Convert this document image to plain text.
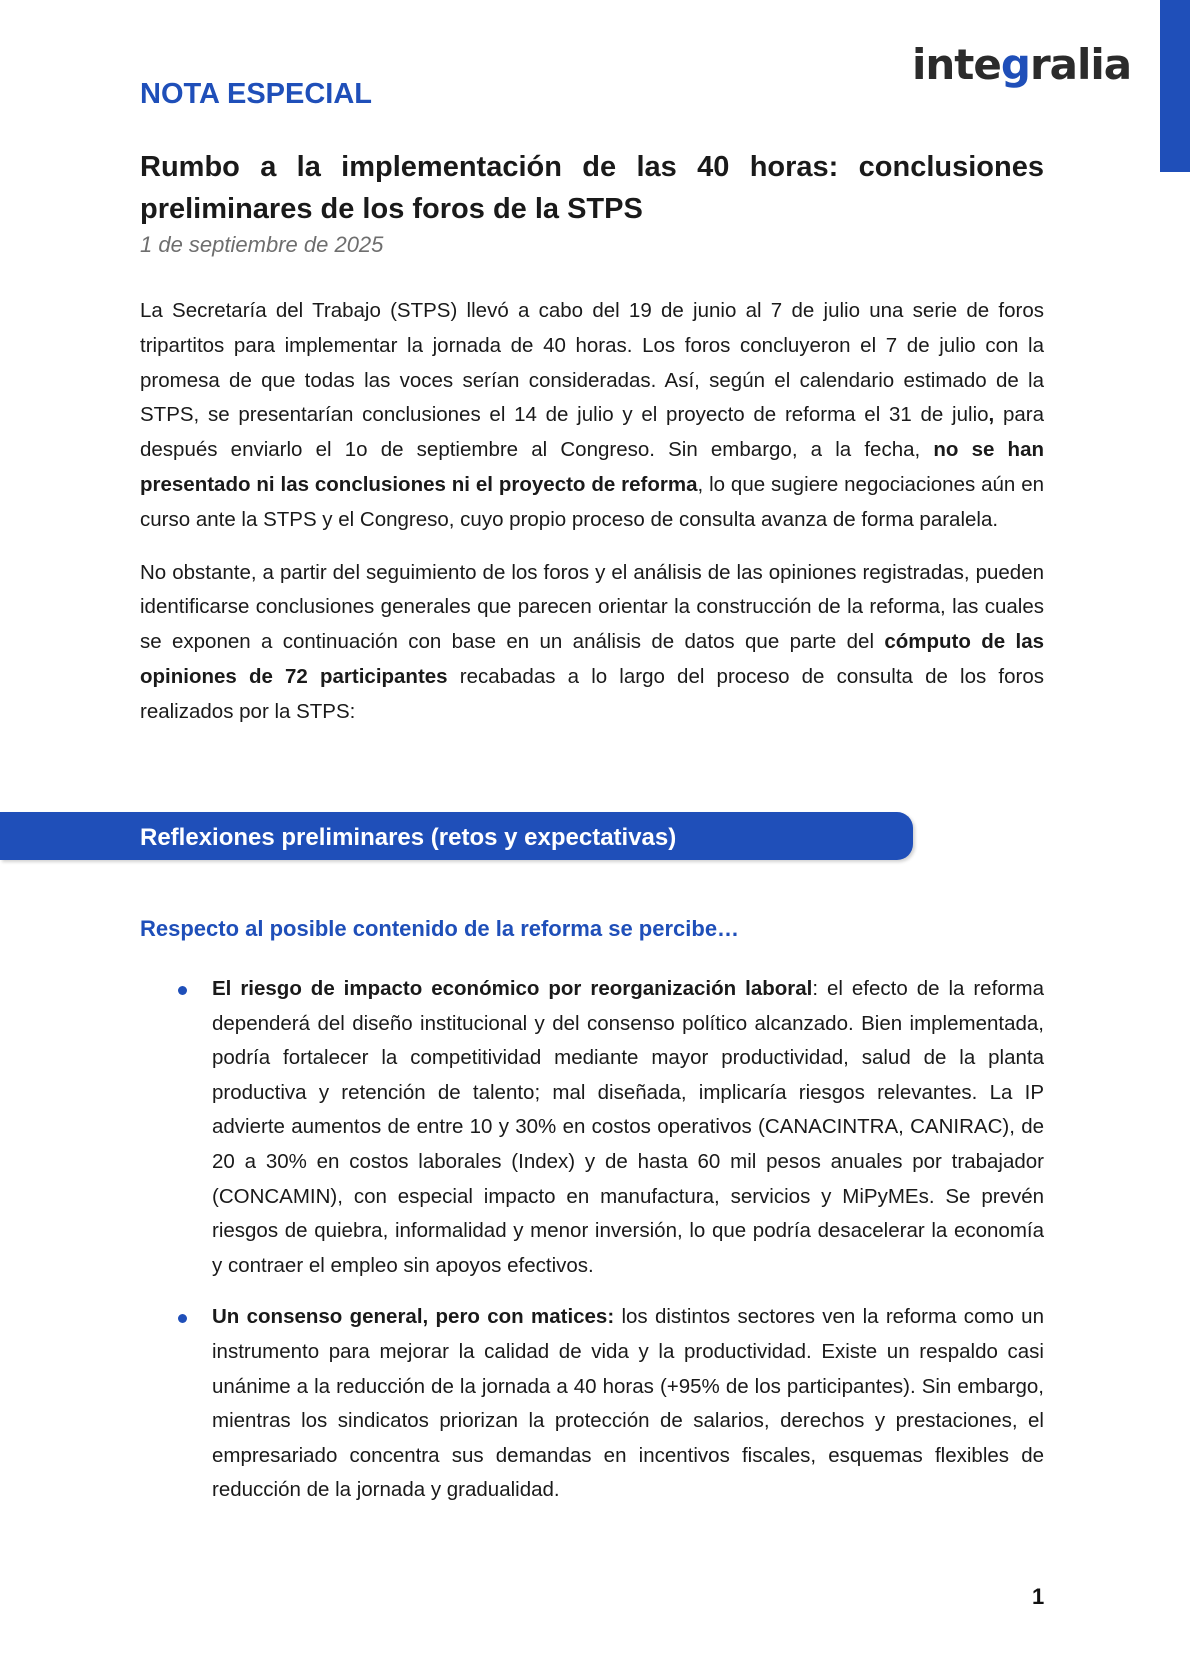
integralia
NOTA ESPECIAL
Rumbo a la implementación de las 40 horas: conclusiones preliminares de los foros de la STPS
1 de septiembre de 2025

La Secretaría del Trabajo (STPS) llevó a cabo del 19 de junio al 7 de julio una serie de foros tripartitos para implementar la jornada de 40 horas. Los foros concluyeron el 7 de julio con la promesa de que todas las voces serían consideradas. Así, según el calendario estimado de la STPS, se presentarían conclusiones el 14 de julio y el proyecto de reforma el 31 de julio, para después enviarlo el 1o de septiembre al Congreso. Sin embargo, a la fecha, no se han presentado ni las conclusiones ni el proyecto de reforma, lo que sugiere negociaciones aún en curso ante la STPS y el Congreso, cuyo propio proceso de consulta avanza de forma paralela.

No obstante, a partir del seguimiento de los foros y el análisis de las opiniones registradas, pueden identificarse conclusiones generales que parecen orientar la construcción de la reforma, las cuales se exponen a continuación con base en un análisis de datos que parte del cómputo de las opiniones de 72 participantes recabadas a lo largo del proceso de consulta de los foros realizados por la STPS:

Reflexiones preliminares (retos y expectativas)
Respecto al posible contenido de la reforma se percibe…

El riesgo de impacto económico por reorganización laboral: el efecto de la reforma dependerá del diseño institucional y del consenso político alcanzado. Bien implementada, podría fortalecer la competitividad mediante mayor productividad, salud de la planta productiva y retención de talento; mal diseñada, implicaría riesgos relevantes. La IP advierte aumentos de entre 10 y 30% en costos operativos (CANACINTRA, CANIRAC), de 20 a 30% en costos laborales (Index) y de hasta 60 mil pesos anuales por trabajador (CONCAMIN), con especial impacto en manufactura, servicios y MiPyMEs. Se prevén riesgos de quiebra, informalidad y menor inversión, lo que podría desacelerar la economía y contraer el empleo sin apoyos efectivos.

Un consenso general, pero con matices: los distintos sectores ven la reforma como un instrumento para mejorar la calidad de vida y la productividad. Existe un respaldo casi unánime a la reducción de la jornada a 40 horas (+95% de los participantes). Sin embargo, mientras los sindicatos priorizan la protección de salarios, derechos y prestaciones, el empresariado concentra sus demandas en incentivos fiscales, esquemas flexibles de reducción de la jornada y gradualidad.

1
